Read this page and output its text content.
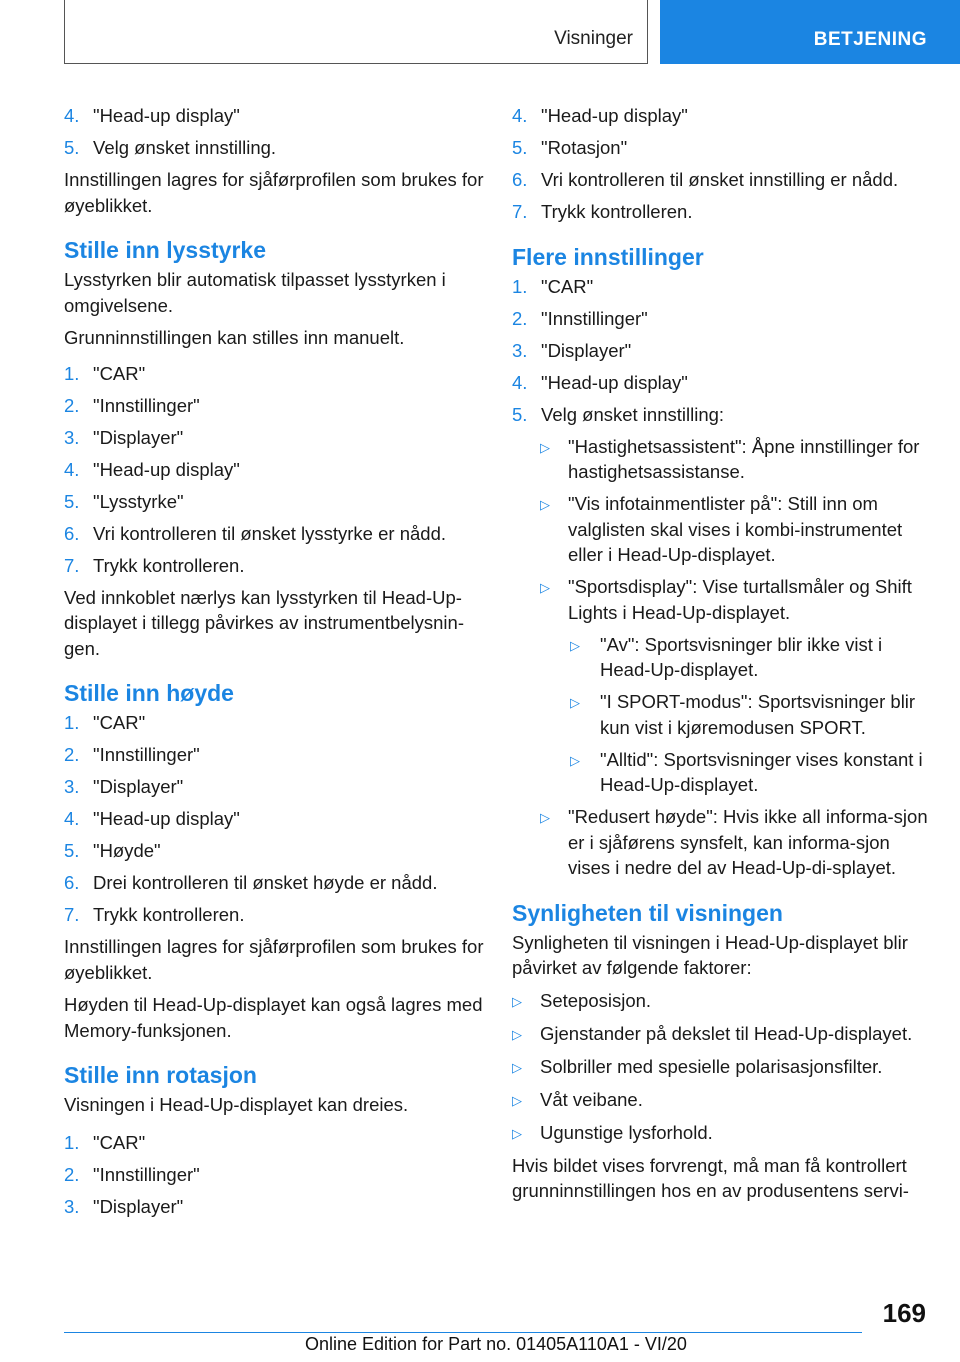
Visninger	BETJENING
4. "Head-up display"
5. Velg ønsket innstilling.

Innstillingen lagres for sjåførprofilen som brukes for øyeblikket.

Stille inn lysstyrke

Lysstyrken blir automatisk tilpasset lysstyrken i omgivelsene.

Grunninnstillingen kan stilles inn manuelt.

1. "CAR"
2. "Innstillinger"
3. "Displayer"
4. "Head-up display"
5. "Lysstyrke"
6. Vri kontrolleren til ønsket lysstyrke er nådd.
7. Trykk kontrolleren.

Ved innkoblet nærlys kan lysstyrken til Head-Up-displayet i tillegg påvirkes av instrumentbelysnin-gen.

Stille inn høyde
1. "CAR"
2. "Innstillinger"
3. "Displayer"
4. "Head-up display"
5. "Høyde"
6. Drei kontrolleren til ønsket høyde er nådd.
7. Trykk kontrolleren.

Innstillingen lagres for sjåførprofilen som brukes for øyeblikket.

Høyden til Head-Up-displayet kan også lagres med Memory-funksjonen.

Stille inn rotasjon

Visningen i Head-Up-displayet kan dreies.

1. "CAR"
2. "Innstillinger"
3. "Displayer"
4. "Head-up display"
5. "Rotasjon"
6. Vri kontrolleren til ønsket innstilling er nådd.
7. Trykk kontrolleren.
Flere innstillinger
1. "CAR"
2. "Innstillinger"
3. "Displayer"
4. "Head-up display"
5. Velg ønsket innstilling:
▷ "Hastighetsassistent": Åpne innstillinger for hastighetsassistanse.
▷ "Vis infotainmentlister på": Still inn om valglisten skal vises i kombi-instrumentet eller i Head-Up-displayet.
▷ "Sportsdisplay": Vise turtallsmåler og Shift Lights i Head-Up-displayet.
▷	"Av": Sportsvisninger blir ikke vist i Head-Up-displayet.
▷	"I SPORT-modus": Sportsvisninger blir kun vist i kjøremodusen SPORT.
▷	"Alltid": Sportsvisninger vises konstant i Head-Up-displayet.
▷ "Redusert høyde": Hvis ikke all informa-sjon er i sjåførens synsfelt, kan informa-sjon vises i nedre del av Head-Up-di-splayet.
Synligheten til visningen

Synligheten til visningen i Head-Up-displayet blir påvirket av følgende faktorer:

▷ Seteposisjon.
▷ Gjenstander på dekslet til Head-Up-displayet.
▷ Solbriller med spesielle polarisasjonsfilter.
▷ Våt veibane.
▷ Ugunstige lysforhold.

Hvis bildet vises forvrengt, må man få kontrollert grunninnstillingen hos en av produsentens servi-

169
Online Edition for Part no. 01405A110A1 - VI/20
